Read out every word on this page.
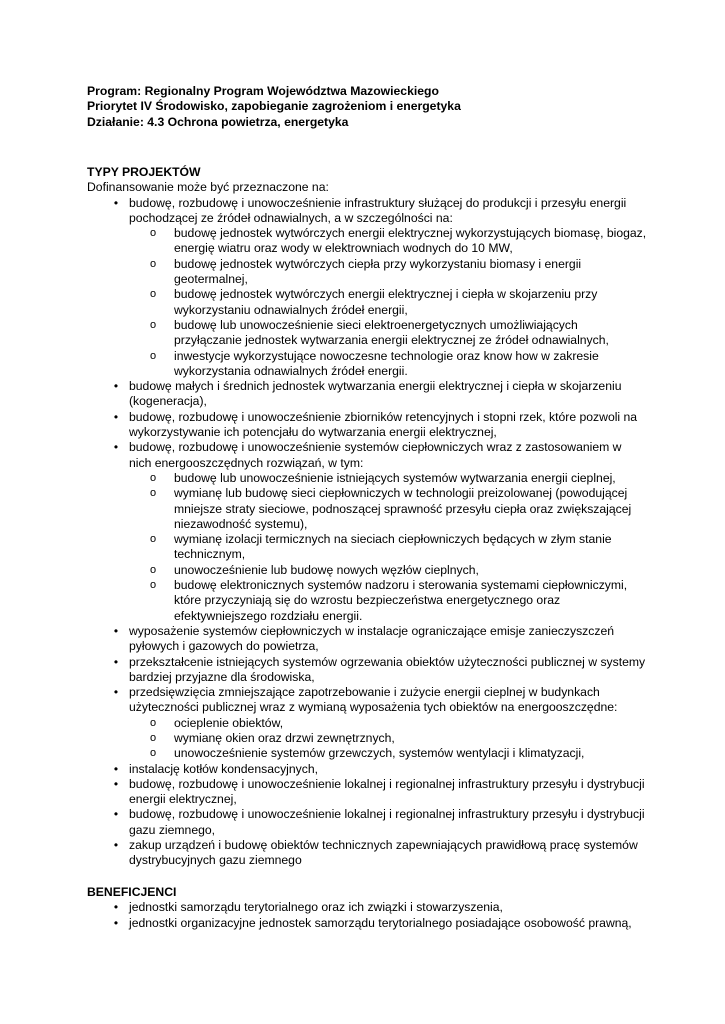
Program: Regionalny Program Województwa Mazowieckiego
Priorytet IV Środowisko, zapobieganie zagrożeniom i energetyka
Działanie: 4.3 Ochrona powietrza, energetyka
TYPY PROJEKTÓW
Dofinansowanie może być przeznaczone na:
• budowę, rozbudowę i unowocześnienie infrastruktury służącej do produkcji i przesyłu energii pochodzącej ze źródeł odnawialnych, a w szczególności na:
o budowę jednostek wytwórczych energii elektrycznej wykorzystujących biomasę, biogaz, energię wiatru oraz wody w elektrowniach wodnych do 10 MW,
o budowę jednostek wytwórczych ciepła przy wykorzystaniu biomasy i energii geotermalnej,
o budowę jednostek wytwórczych energii elektrycznej i ciepła w skojarzeniu przy wykorzystaniu odnawialnych źródeł energii,
o budowę lub unowocześnienie sieci elektroenergetycznych umożliwiających przyłączanie jednostek wytwarzania energii elektrycznej ze źródeł odnawialnych,
o inwestycje wykorzystujące nowoczesne technologie oraz know how w zakresie wykorzystania odnawialnych źródeł energii.
• budowę małych i średnich jednostek wytwarzania energii elektrycznej i ciepła w skojarzeniu (kogeneracja),
• budowę, rozbudowę i unowocześnienie zbiorników retencyjnych i stopni rzek, które pozwoli na wykorzystywanie ich potencjału do wytwarzania energii elektrycznej,
• budowę, rozbudowę i unowocześnienie systemów ciepłowniczych wraz z zastosowaniem w nich energooszczędnych rozwiązań, w tym:
o budowę lub unowocześnienie istniejących systemów wytwarzania energii cieplnej,
o wymianę lub budowę sieci ciepłowniczych w technologii preizolowanej (powodującej mniejsze straty sieciowe, podnoszącej sprawność przesyłu ciepła oraz zwiększającej niezawodność systemu),
o wymianę izolacji termicznych na sieciach ciepłowniczych będących w złym stanie technicznym,
o unowocześnienie lub budowę nowych węzłów cieplnych,
o budowę elektronicznych systemów nadzoru i sterowania systemami ciepłowniczymi, które przyczyniają się do wzrostu bezpieczeństwa energetycznego oraz efektywniejszego rozdziału energii.
• wyposażenie systemów ciepłowniczych w instalacje ograniczające emisje zanieczyszczeń pyłowych i gazowych do powietrza,
• przekształcenie istniejących systemów ogrzewania obiektów użyteczności publicznej w systemy bardziej przyjazne dla środowiska,
• przedsięwzięcia zmniejszające zapotrzebowanie i zużycie energii cieplnej w budynkach użyteczności publicznej wraz z wymianą wyposażenia tych obiektów na energooszczędne:
o ocieplenie obiektów,
o wymianę okien oraz drzwi zewnętrznych,
o unowocześnienie systemów grzewczych, systemów wentylacji i klimatyzacji,
• instalację kotłów kondensacyjnych,
• budowę, rozbudowę i unowocześnienie lokalnej i regionalnej infrastruktury przesyłu i dystrybucji energii elektrycznej,
• budowę, rozbudowę i unowocześnienie lokalnej i regionalnej infrastruktury przesyłu i dystrybucji gazu ziemnego,
• zakup urządzeń i budowę obiektów technicznych zapewniających prawidłową pracę systemów dystrybucyjnych gazu ziemnego
BENEFICJENCI
• jednostki samorządu terytorialnego oraz ich związki i stowarzyszenia,
• jednostki organizacyjne jednostek samorządu terytorialnego posiadające osobowość prawną,
